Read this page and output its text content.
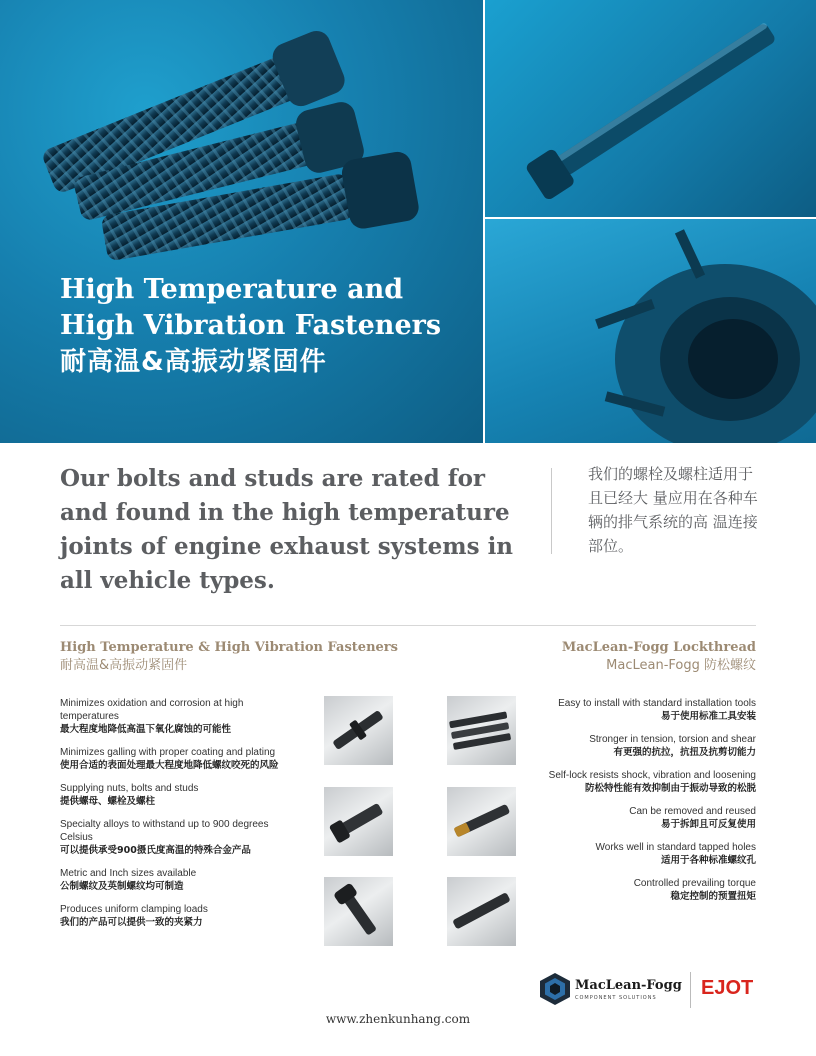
High Temperature and
High Vibration Fasteners
耐高温&高振动紧固件
Our bolts and studs are rated for and found in the high temperature joints of engine exhaust systems in all vehicle types.
我们的螺栓及螺柱适用于且已经大 量应用在各种车辆的排气系统的高 温连接部位。
High Temperature & High Vibration Fasteners
耐高温&高振动紧固件
MacLean-Fogg Lockthread
MacLean-Fogg 防松螺纹
Minimizes oxidation and corrosion at high temperatures
最大程度地降低高温下氧化腐蚀的可能性
Minimizes galling with proper coating and plating
使用合适的表面处理最大程度地降低螺纹咬死的风险
Supplying nuts, bolts and studs
提供螺母、螺栓及螺柱
Specialty alloys to withstand up to 900 degrees Celsius
可以提供承受900摄氏度高温的特殊合金产品
Metric and Inch sizes available
公制螺纹及英制螺纹均可制造
Produces uniform clamping loads
我们的产品可以提供一致的夹紧力
Easy to install with standard installation tools
易于使用标准工具安装
Stronger in tension, torsion and shear
有更强的抗拉，抗扭及抗剪切能力
Self-lock resists shock, vibration and loosening
防松特性能有效抑制由于振动导致的松脱
Can be removed and reused
易于拆卸且可反复使用
Works well in standard tapped holes
适用于各种标准螺纹孔
Controlled prevailing torque
稳定控制的预置扭矩
MacLean-Fogg
COMPONENT SOLUTIONS EJOT
www.zhenkunhang.com
